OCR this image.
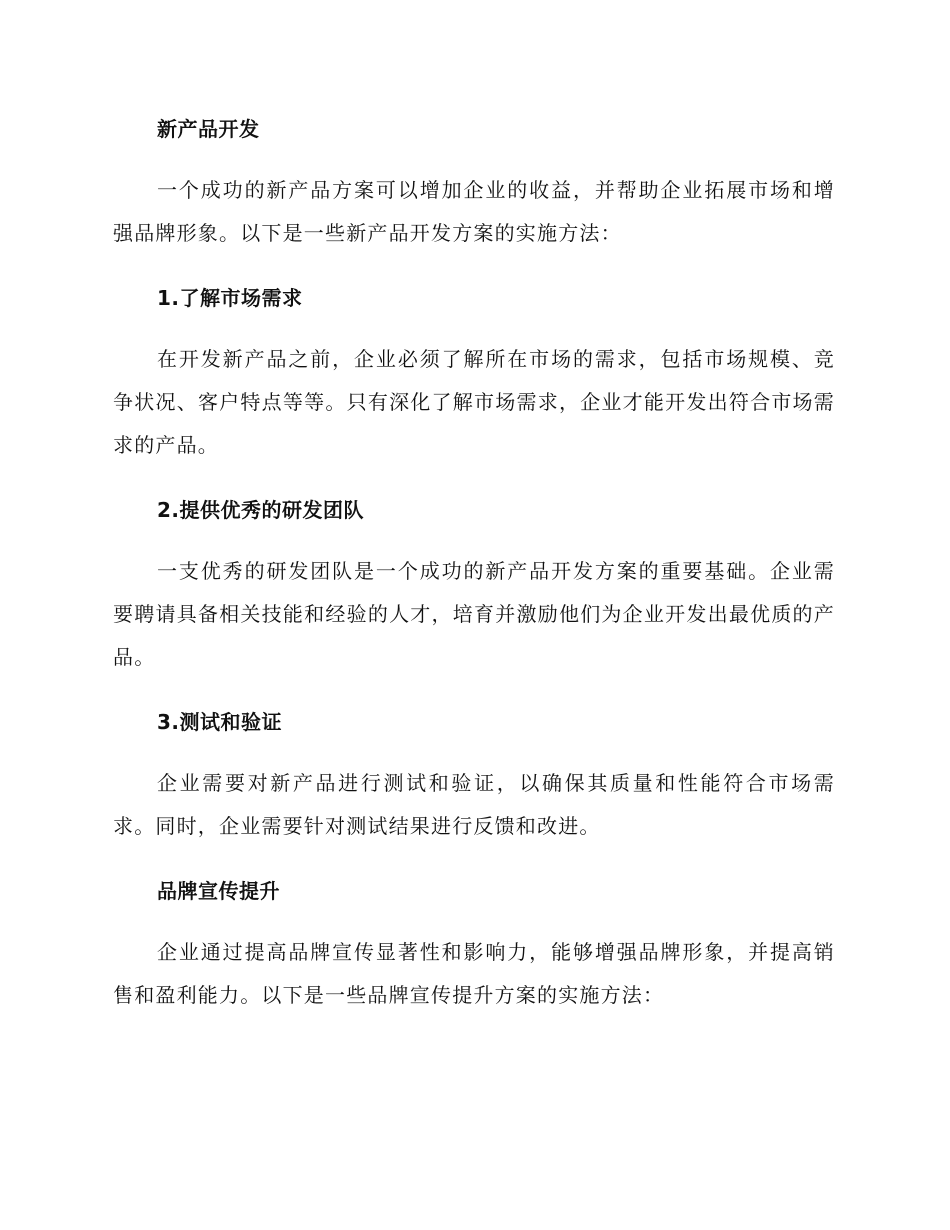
新产品开发

一个成功的新产品方案可以增加企业的收益，并帮助企业拓展市场和增强品牌形象。以下是一些新产品开发方案的实施方法：

1.了解市场需求

在开发新产品之前，企业必须了解所在市场的需求，包括市场规模、竞争状况、客户特点等等。只有深化了解市场需求，企业才能开发出符合市场需求的产品。

2.提供优秀的研发团队

一支优秀的研发团队是一个成功的新产品开发方案的重要基础。企业需要聘请具备相关技能和经验的人才，培育并激励他们为企业开发出最优质的产品。

3.测试和验证

企业需要对新产品进行测试和验证，以确保其质量和性能符合市场需求。同时，企业需要针对测试结果进行反馈和改进。

品牌宣传提升

企业通过提高品牌宣传显著性和影响力，能够增强品牌形象，并提高销售和盈利能力。以下是一些品牌宣传提升方案的实施方法：
